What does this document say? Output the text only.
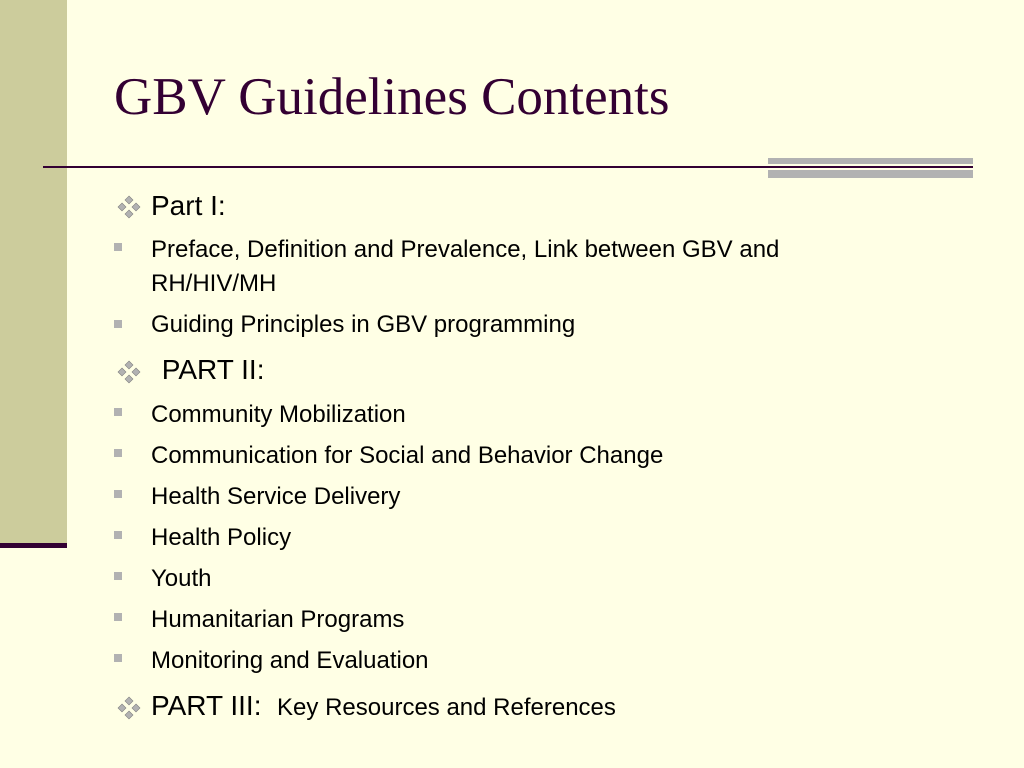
GBV Guidelines Contents
Part I:
Preface, Definition and Prevalence, Link between GBV and
RH/HIV/MH
Guiding Principles in GBV programming
PART II:
Community Mobilization
Communication for Social and Behavior Change
Health Service Delivery
Health Policy
Youth
Humanitarian Programs
Monitoring and Evaluation
PART III: Key Resources and References
